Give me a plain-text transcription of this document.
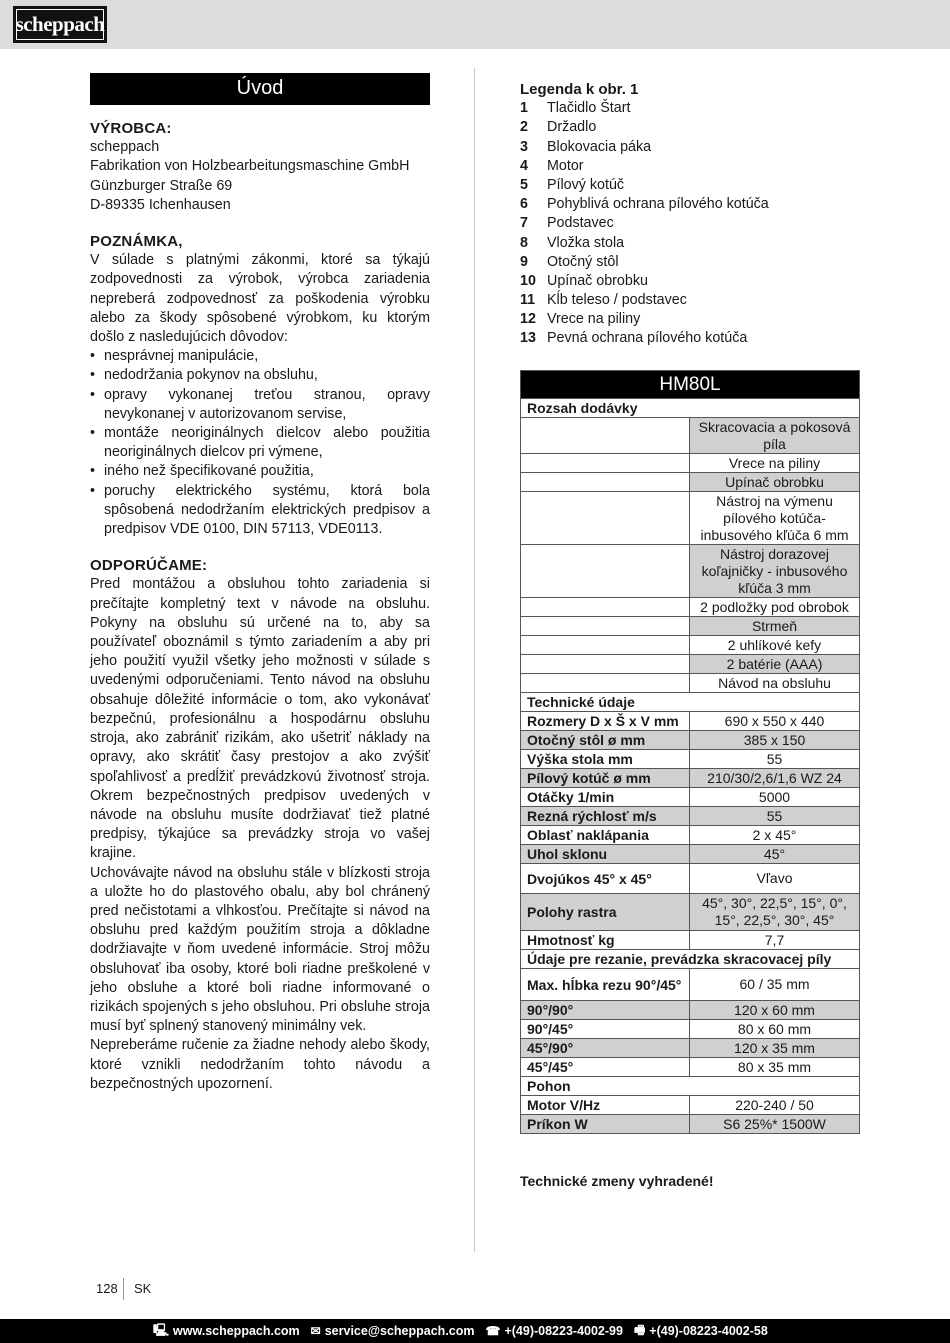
scheppach
Úvod
VÝROBCA:
scheppach
Fabrikation von Holzbearbeitungsmaschine GmbH
Günzburger Straße 69
D-89335 Ichenhausen
POZNÁMKA,
V súlade s platnými zákonmi, ktoré sa týkajú zodpovednosti za výrobok, výrobca zariadenia nepreberá zodpovednosť za poškodenia výrobku alebo za škody spôsobené výrobkom, ku ktorým došlo z nasledujúcich dôvodov:
• nesprávnej manipulácie,
• nedodržania pokynov na obsluhu,
• opravy vykonanej treťou stranou, opravy nevykonanej v autorizovanom servise,
• montáže neoriginálnych dielcov alebo použitia neoriginálnych dielcov pri výmene,
• iného než špecifikované použitia,
• poruchy elektrického systému, ktorá bola spôsobená nedodržaním elektrických predpisov a predpisov VDE 0100, DIN 57113, VDE0113.
ODPORÚČAME:
Pred montážou a obsluhou tohto zariadenia si prečítajte kompletný text v návode na obsluhu. Pokyny na obsluhu sú určené na to, aby sa používateľ oboznámil s týmto zariadením a aby pri jeho použití využil všetky jeho možnosti v súlade s uvedenými odporučeniami. Tento návod na obsluhu obsahuje dôležité informácie o tom, ako vykonávať bezpečnú, profesionálnu a hospodárnu obsluhu stroja, ako zabrániť rizikám, ako ušetriť náklady na opravy, ako skrátiť časy prestojov a ako zvýšiť spoľahlivosť a predĺžiť prevádzkovú životnosť stroja. Okrem bezpečnostných predpisov uvedených v návode na obsluhu musíte dodržiavať tiež platné predpisy, týkajúce sa prevádzky stroja vo vašej krajine.
Uchovávajte návod na obsluhu stále v blízkosti stroja a uložte ho do plastového obalu, aby bol chránený pred nečistotami a vlhkosťou. Prečítajte si návod na obsluhu pred každým použitím stroja a dôkladne dodržiavajte v ňom uvedené informácie. Stroj môžu obsluhovať iba osoby, ktoré boli riadne preškolené v jeho obsluhe a ktoré boli riadne informované o rizikách spojených s jeho obsluhou. Pri obsluhe stroja musí byť splnený stanovený minimálny vek.
Nepreberáme ručenie za žiadne nehody alebo škody, ktoré vznikli nedodržaním tohto návodu a bezpečnostných upozornení.
Legenda k obr. 1
1	Tlačidlo Štart
2	Držadlo
3	Blokovacia páka
4	Motor
5	Pílový kotúč
6	Pohyblivá ochrana pílového kotúča
7	Podstavec
8	Vložka stola
9	Otočný stôl
10 Upínač obrobku
11 Kĺb teleso / podstavec
12 Vrece na piliny
13 Pevná ochrana pílového kotúča
HM80L	
Rozsah dodávky	
	Skracovacia a pokosová píla
	Vrece na piliny
	Upínač obrobku
	Nástroj na výmenu pílového kotúča- inbusového kľúča 6 mm
	Nástroj dorazovej koľajničky - inbusového kľúča 3 mm
	2 podložky pod obrobok
	Strmeň
	2 uhlíkové kefy
	2 batérie (AAA)
	Návod na obsluhu
Technické údaje	
Rozmery D x Š x V mm	690 x 550 x 440
Otočný stôl ø mm	385 x 150
Výška stola mm	55
Pílový kotúč ø mm	210/30/2,6/1,6 WZ 24
Otáčky 1/min	5000
Rezná rýchlosť m/s	55
Oblasť naklápania	2 x 45°
Uhol sklonu	45°
Dvojúkos 45° x 45°	Vľavo
Polohy rastra	45°, 30°, 22,5°, 15°, 0°, 15°, 22,5°, 30°, 45°
Hmotnosť kg	7,7
Údaje pre rezanie, prevádzka skracovacej píly	
Max. hĺbka rezu 90°/45°	60 / 35 mm
90°/90°	120 x 60 mm
90°/45°	80 x 60 mm
45°/90°	120 x 35 mm
45°/45°	80 x 35 mm
Pohon	
Motor V/Hz	220-240 / 50
Príkon W	S6 25%* 1500W
Technické zmeny vyhradené!
128 SK
🖳 www.scheppach.com ✉ service@scheppach.com ☎ +(49)-08223-4002-99 🖷 +(49)-08223-4002-58
